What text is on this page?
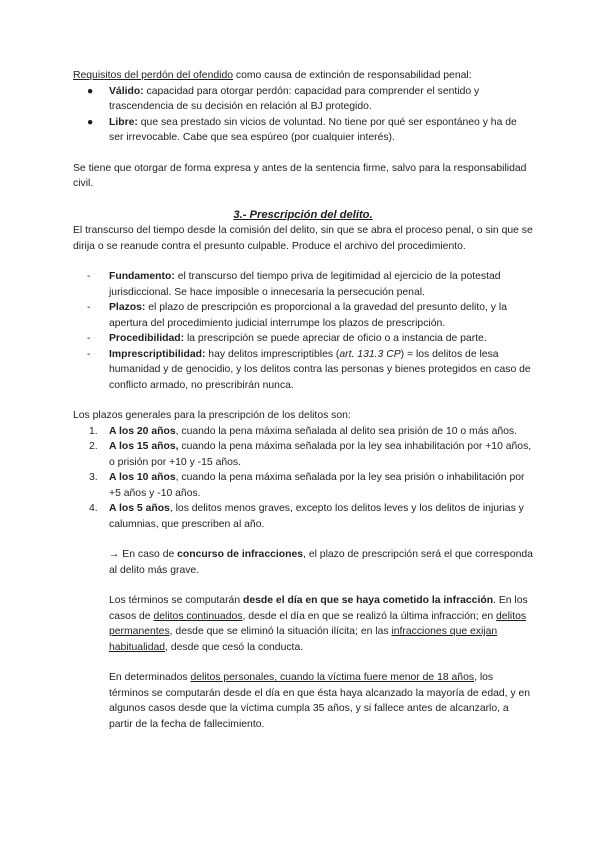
Requisitos del perdón del ofendido como causa de extinción de responsabilidad penal:

● Válido: capacidad para otorgar perdón: capacidad para comprender el sentido y trascendencia de su decisión en relación al BJ protegido.
● Libre: que sea prestado sin vicios de voluntad. No tiene por qué ser espontáneo y ha de ser irrevocable. Cabe que sea espúreo (por cualquier interés).

Se tiene que otorgar de forma expresa y antes de la sentencia firme, salvo para la responsabilidad civil.

3.- Prescripción del delito.

El transcurso del tiempo desde la comisión del delito, sin que se abra el proceso penal, o sin que se dirija o se reanude contra el presunto culpable. Produce el archivo del procedimiento.

- Fundamento: el transcurso del tiempo priva de legitimidad al ejercicio de la potestad jurisdiccional. Se hace imposible o innecesaria la persecución penal.
- Plazos: el plazo de prescripción es proporcional a la gravedad del presunto delito, y la apertura del procedimiento judicial interrumpe los plazos de prescripción.
- Procedibilidad: la prescripción se puede apreciar de oficio o a instancia de parte.
- Imprescriptibilidad: hay delitos imprescriptibles (art. 131.3 CP) = los delitos de lesa humanidad y de genocidio, y los delitos contra las personas y bienes protegidos en caso de conflicto armado, no prescribirán nunca.

Los plazos generales para la prescripción de los delitos son:

1. A los 20 años, cuando la pena máxima señalada al delito sea prisión de 10 o más años.
2. A los 15 años, cuando la pena máxima señalada por la ley sea inhabilitación por +10 años, o prisión por +10 y -15 años.
3. A los 10 años, cuando la pena máxima señalada por la ley sea prisión o inhabilitación por +5 años y -10 años.
4. A los 5 años, los delitos menos graves, excepto los delitos leves y los delitos de injurias y calumnias, que prescriben al año.

→ En caso de concurso de infracciones, el plazo de prescripción será el que corresponda al delito más grave.

Los términos se computarán desde el día en que se haya cometido la infracción. En los casos de delitos continuados, desde el día en que se realizó la última infracción; en delitos permanentes, desde que se eliminó la situación ilícita; en las infracciones que exijan habitualidad, desde que cesó la conducta.

En determinados delitos personales, cuando la víctima fuere menor de 18 años, los términos se computarán desde el día en que ésta haya alcanzado la mayoría de edad, y en algunos casos desde que la víctima cumpla 35 años, y si fallece antes de alcanzarlo, a partir de la fecha de fallecimiento.
